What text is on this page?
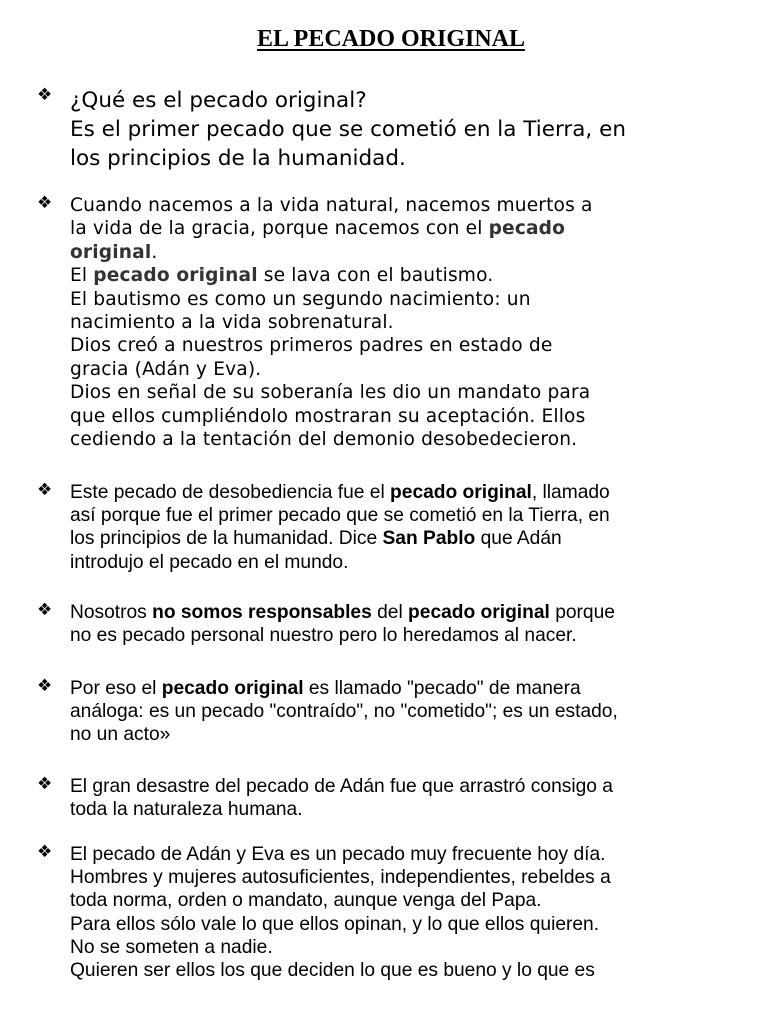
EL PECADO ORIGINAL
❖ ¿Qué es el pecado original?
Es el primer pecado que se cometió en la Tierra, en
los principios de la humanidad.
❖ Cuando nacemos a la vida natural, nacemos muertos a
la vida de la gracia, porque nacemos con el pecado
original.
El pecado original se lava con el bautismo.
El bautismo es como un segundo nacimiento: un
nacimiento a la vida sobrenatural.
Dios creó a nuestros primeros padres en estado de
gracia (Adán y Eva).
Dios en señal de su soberanía les dio un mandato para
que ellos cumpliéndolo mostraran su aceptación. Ellos
cediendo a la tentación del demonio desobedecieron.
❖ Este pecado de desobediencia fue el pecado original, llamado
así porque fue el primer pecado que se cometió en la Tierra, en
los principios de la humanidad. Dice San Pablo que Adán
introdujo el pecado en el mundo.
❖ Nosotros no somos responsables del pecado original porque
no es pecado personal nuestro pero lo heredamos al nacer.
❖ Por eso el pecado original es llamado "pecado" de manera
análoga: es un pecado "contraído", no "cometido"; es un estado,
no un acto»
❖ El gran desastre del pecado de Adán fue que arrastró consigo a
toda la naturaleza humana.
❖ El pecado de Adán y Eva es un pecado muy frecuente hoy día.
Hombres y mujeres autosuficientes, independientes, rebeldes a
toda norma, orden o mandato, aunque venga del Papa.
Para ellos sólo vale lo que ellos opinan, y lo que ellos quieren.
No se someten a nadie.
Quieren ser ellos los que deciden lo que es bueno y lo que es
